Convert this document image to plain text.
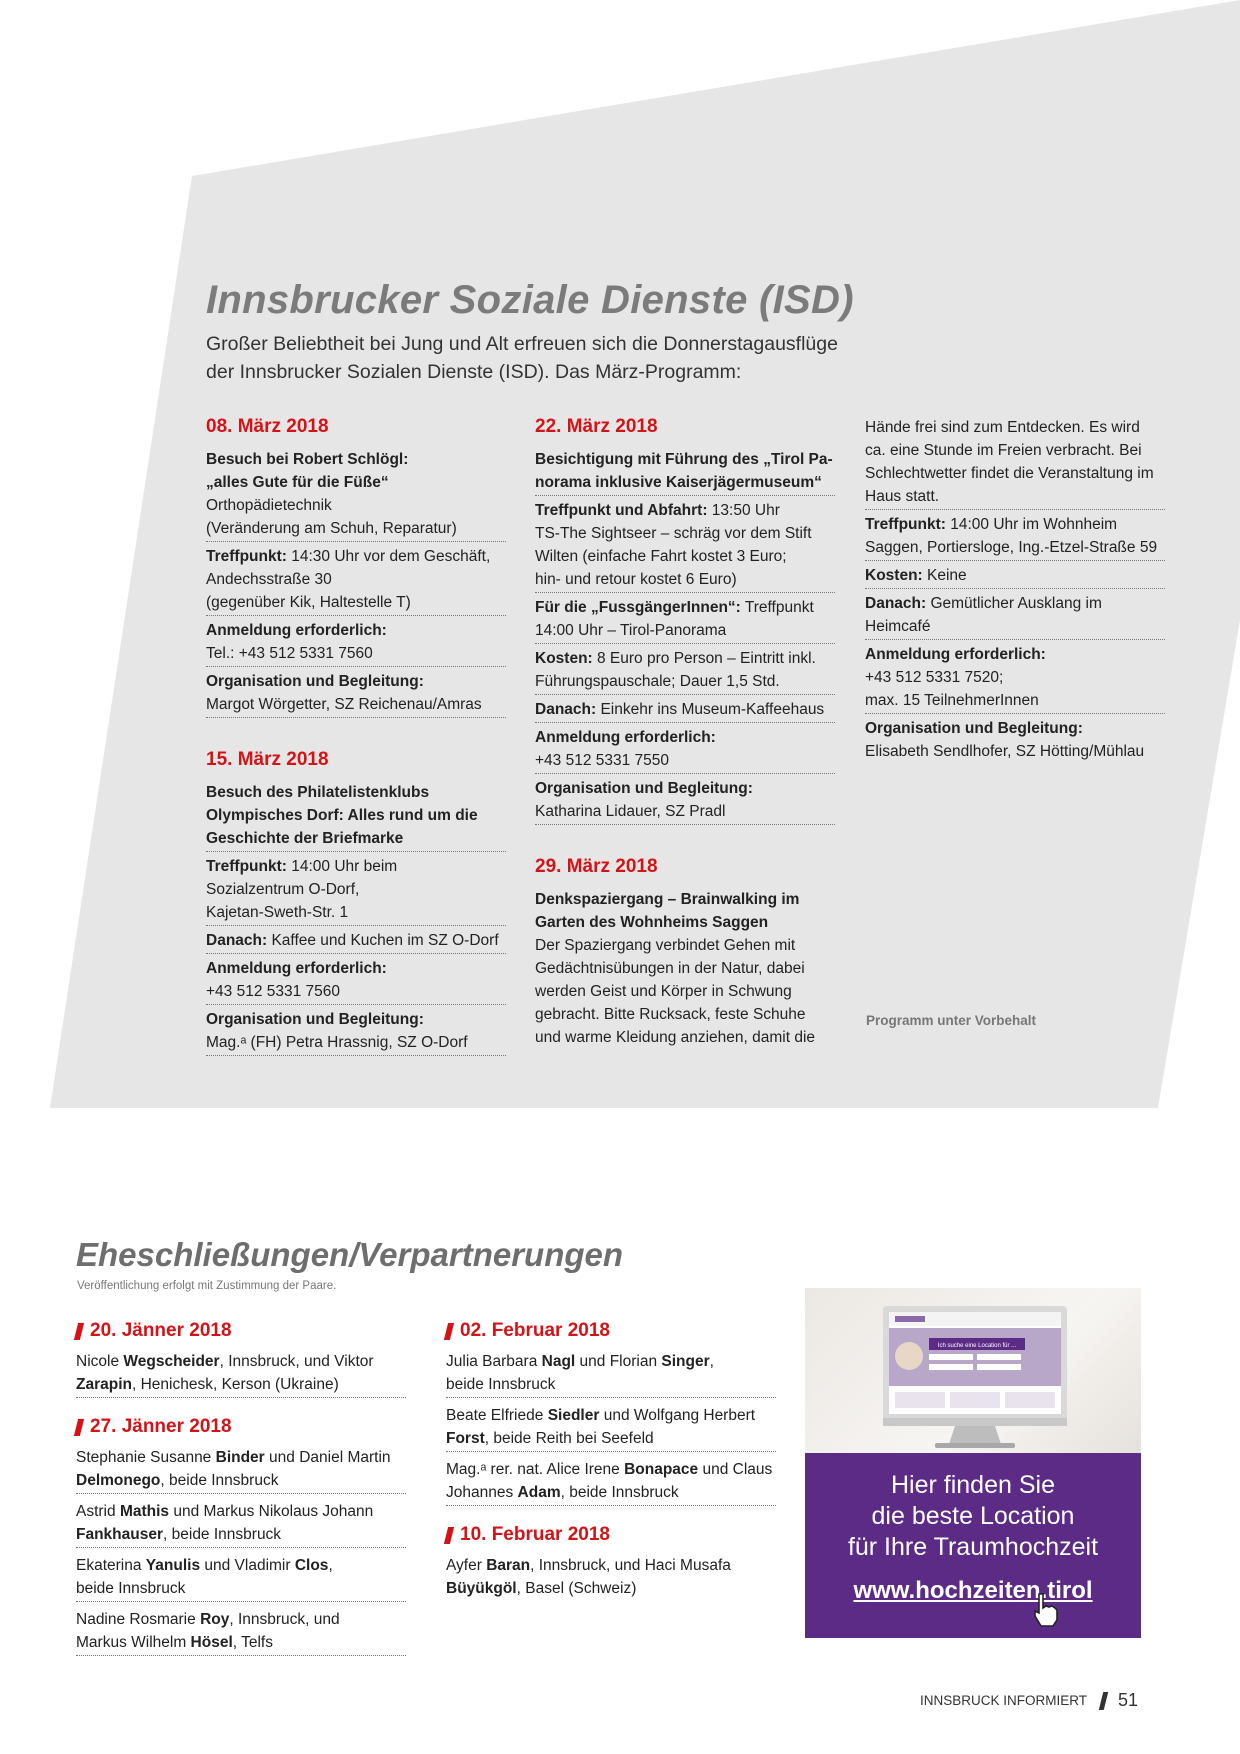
Innsbrucker Soziale Dienste (ISD)
Großer Beliebtheit bei Jung und Alt erfreuen sich die Donnerstagausflüge
der Innsbrucker Sozialen Dienste (ISD). Das März-Programm:
08. März 2018
Besuch bei Robert Schlögl:
„alles Gute für die Füße“
Orthopädietechnik
(Veränderung am Schuh, Reparatur)
Treffpunkt: 14:30 Uhr vor dem Geschäft,
Andechsstraße 30
(gegenüber Kik, Haltestelle T)
Anmeldung erforderlich:
Tel.: +43 512 5331 7560
Organisation und Begleitung:
Margot Wörgetter, SZ Reichenau/Amras
15. März 2018
Besuch des Philatelistenklubs
Olympisches Dorf: Alles rund um die
Geschichte der Briefmarke
Treffpunkt: 14:00 Uhr beim
Sozialzentrum O-Dorf,
Kajetan-Sweth-Str. 1
Danach: Kaffee und Kuchen im SZ O-Dorf
Anmeldung erforderlich:
+43 512 5331 7560
Organisation und Begleitung:
Mag.ᵃ (FH) Petra Hrassnig, SZ O-Dorf
22. März 2018
Besichtigung mit Führung des „Tirol Pa-
norama inklusive Kaiserjägermuseum“
Treffpunkt und Abfahrt: 13:50 Uhr
TS-The Sightseer – schräg vor dem Stift
Wilten (einfache Fahrt kostet 3 Euro;
hin- und retour kostet 6 Euro)
Für die „FussgängerInnen“: Treffpunkt
14:00 Uhr – Tirol-Panorama
Kosten: 8 Euro pro Person – Eintritt inkl.
Führungspauschale; Dauer 1,5 Std.
Danach: Einkehr ins Museum-Kaffeehaus
Anmeldung erforderlich:
+43 512 5331 7550
Organisation und Begleitung:
Katharina Lidauer, SZ Pradl
29. März 2018
Denkspaziergang – Brainwalking im
Garten des Wohnheims Saggen
Der Spaziergang verbindet Gehen mit
Gedächtnisübungen in der Natur, dabei
werden Geist und Körper in Schwung
gebracht. Bitte Rucksack, feste Schuhe
und warme Kleidung anziehen, damit die
Hände frei sind zum Entdecken. Es wird
ca. eine Stunde im Freien verbracht. Bei
Schlechtwetter findet die Veranstaltung im
Haus statt.
Treffpunkt: 14:00 Uhr im Wohnheim
Saggen, Portiersloge, Ing.-Etzel-Straße 59
Kosten: Keine
Danach: Gemütlicher Ausklang im
Heimcafé
Anmeldung erforderlich:
+43 512 5331 7520;
max. 15 TeilnehmerInnen
Organisation und Begleitung:
Elisabeth Sendlhofer, SZ Hötting/Mühlau
Programm unter Vorbehalt
Eheschließungen/Verpartnerungen
Veröffentlichung erfolgt mit Zustimmung der Paare.
20. Jänner 2018
Nicole Wegscheider, Innsbruck, und Viktor
Zarapin, Henichesk, Kerson (Ukraine)
27. Jänner 2018
Stephanie Susanne Binder und Daniel Martin
Delmonego, beide Innsbruck
Astrid Mathis und Markus Nikolaus Johann
Fankhauser, beide Innsbruck
Ekaterina Yanulis und Vladimir Clos,
beide Innsbruck
Nadine Rosmarie Roy, Innsbruck, und
Markus Wilhelm Hösel, Telfs
02. Februar 2018
Julia Barbara Nagl und Florian Singer,
beide Innsbruck
Beate Elfriede Siedler und Wolfgang Herbert
Forst, beide Reith bei Seefeld
Mag.ᵃ rer. nat. Alice Irene Bonapace und Claus
Johannes Adam, beide Innsbruck
10. Februar 2018
Ayfer Baran, Innsbruck, und Haci Musafa
Büyükgöl, Basel (Schweiz)
Ich suche eine Location für ...
Hier finden Sie
die beste Location
für Ihre Traumhochzeit
www.hochzeiten.tirol
INNSBRUCK INFORMIERT 51
